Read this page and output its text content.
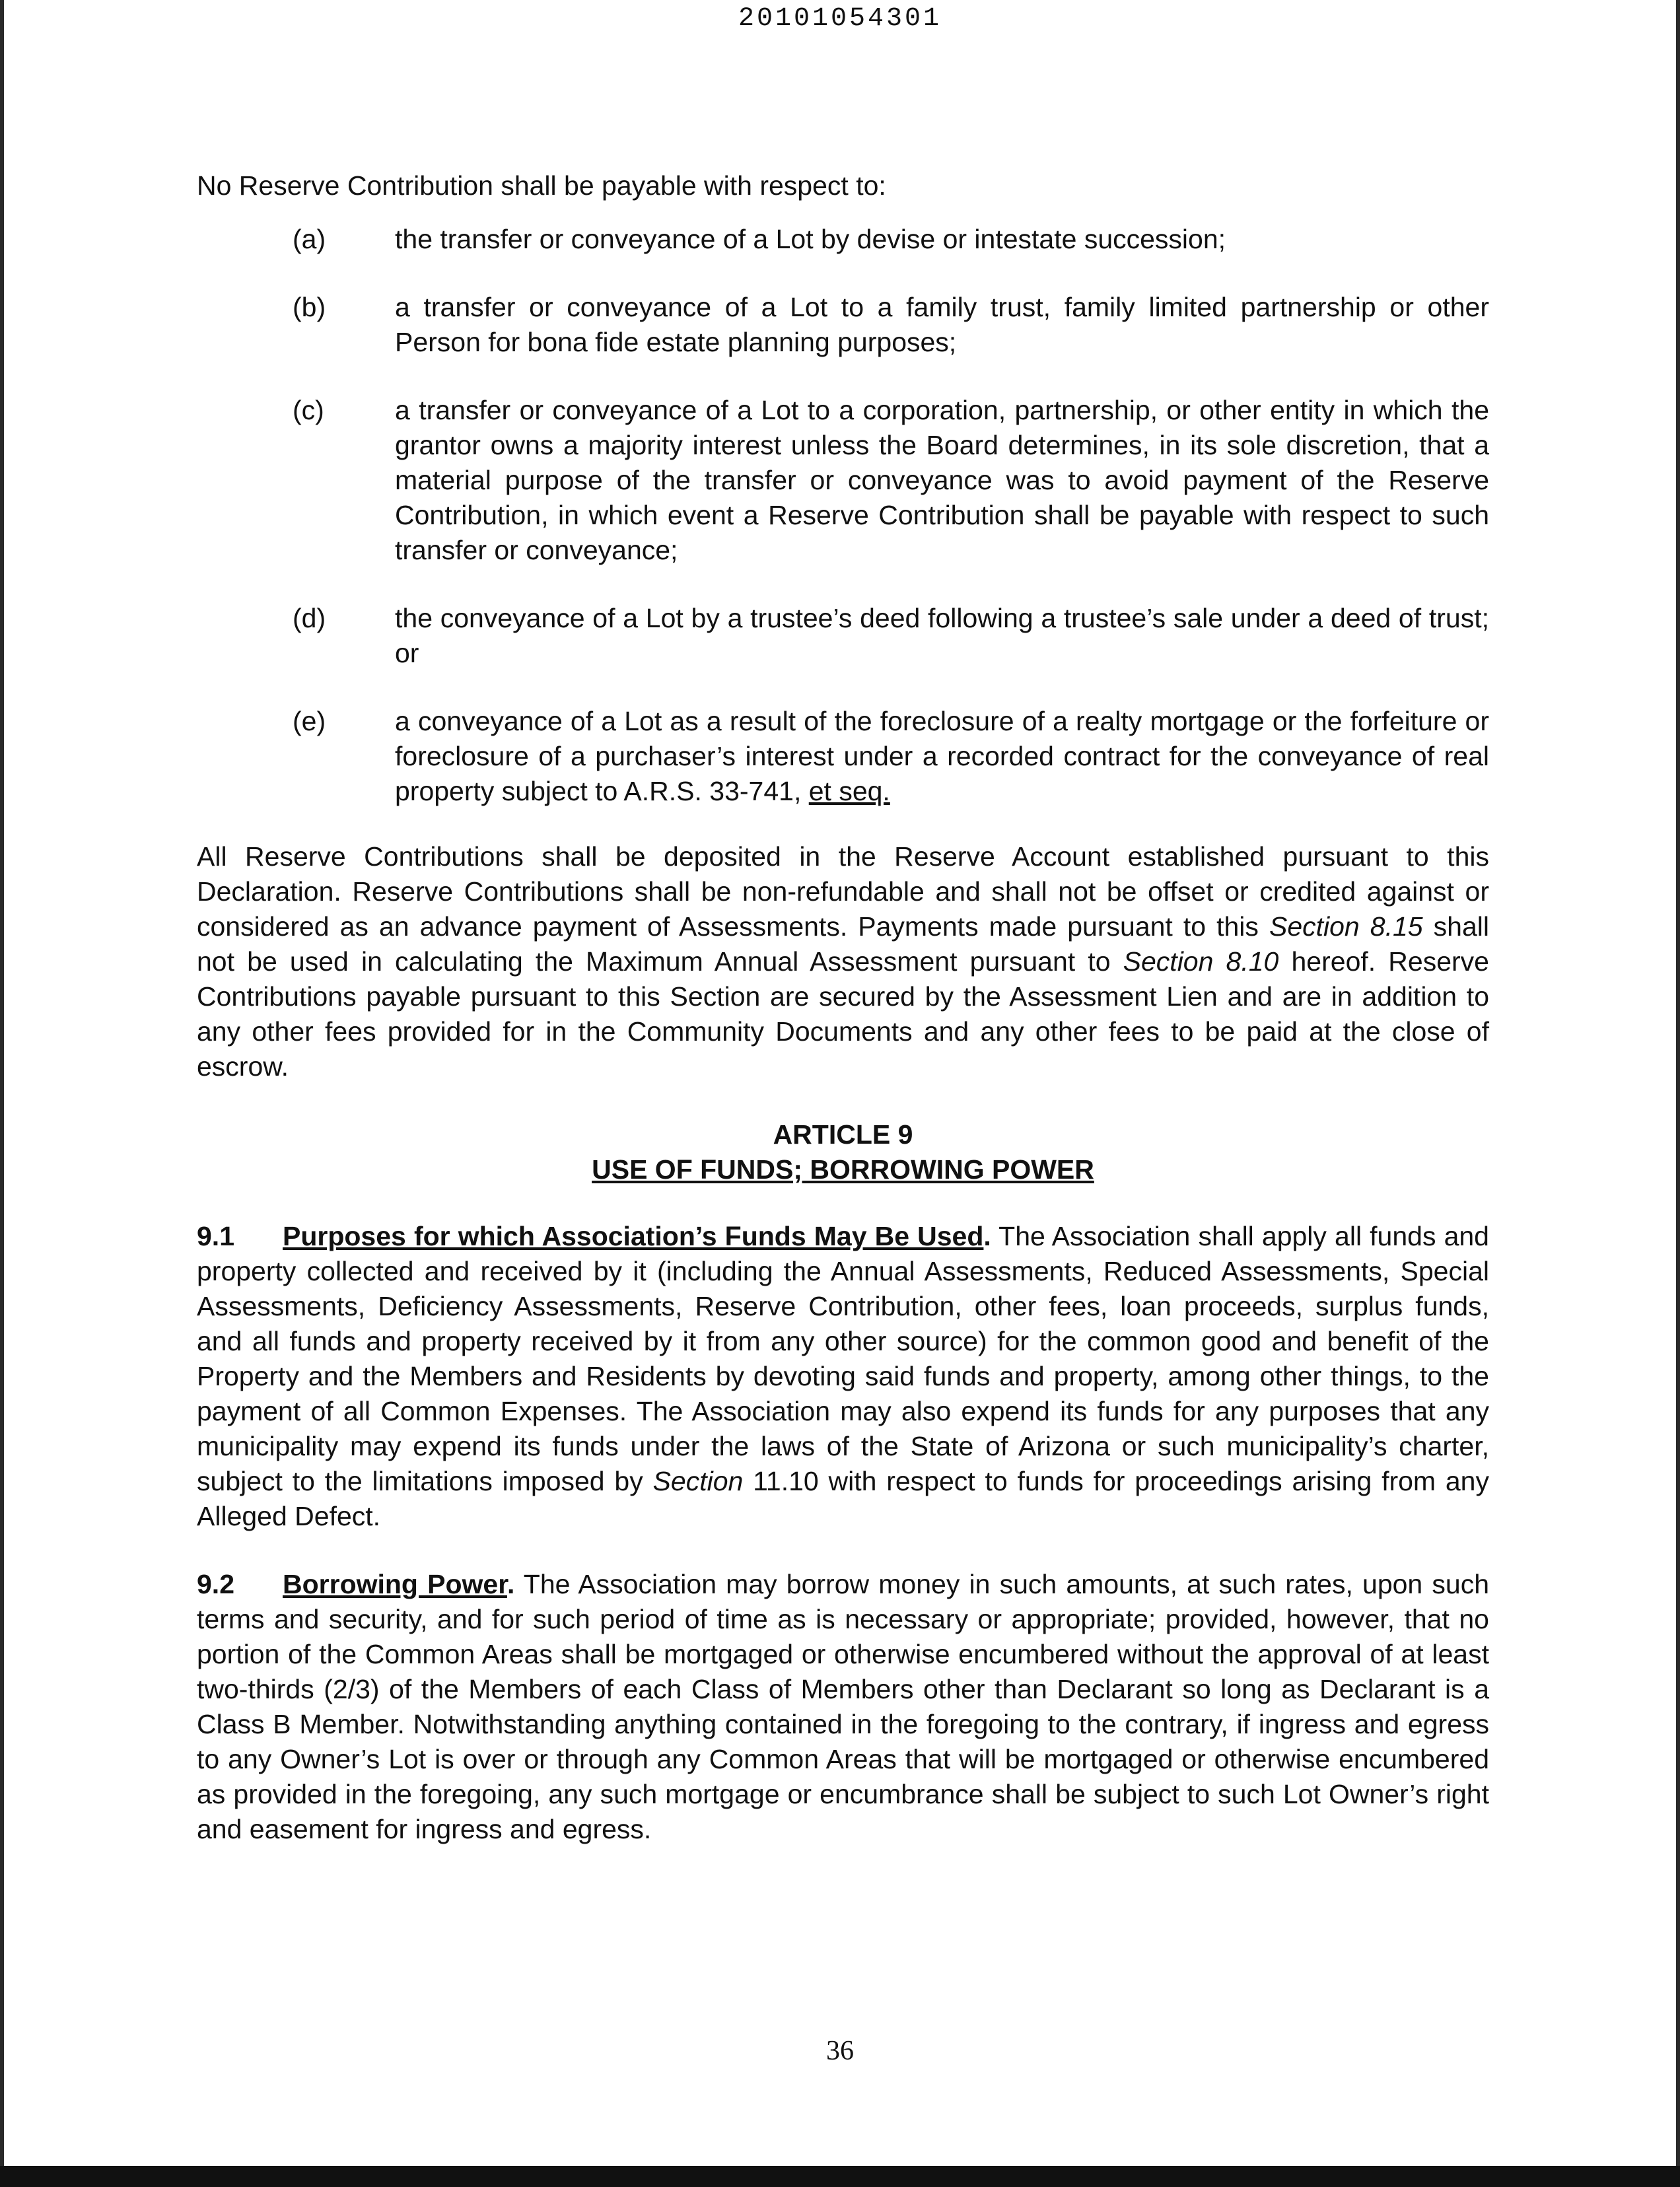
20101054301

No Reserve Contribution shall be payable with respect to:

(a)	the transfer or conveyance of a Lot by devise or intestate succession;

(b)	a transfer or conveyance of a Lot to a family trust, family limited partnership or other Person for bona fide estate planning purposes;

(c)	a transfer or conveyance of a Lot to a corporation, partnership, or other entity in which the grantor owns a majority interest unless the Board determines, in its sole discretion, that a material purpose of the transfer or conveyance was to avoid payment of the Reserve Contribution, in which event a Reserve Contribution shall be payable with respect to such transfer or conveyance;

(d)	the conveyance of a Lot by a trustee’s deed following a trustee’s sale under a deed of trust; or

(e)	a conveyance of a Lot as a result of the foreclosure of a realty mortgage or the forfeiture or foreclosure of a purchaser’s interest under a recorded contract for the conveyance of real property subject to A.R.S. 33-741, et seq.

All Reserve Contributions shall be deposited in the Reserve Account established pursuant to this Declaration. Reserve Contributions shall be non-refundable and shall not be offset or credited against or considered as an advance payment of Assessments. Payments made pursuant to this Section 8.15 shall not be used in calculating the Maximum Annual Assessment pursuant to Section 8.10 hereof. Reserve Contributions payable pursuant to this Section are secured by the Assessment Lien and are in addition to any other fees provided for in the Community Documents and any other fees to be paid at the close of escrow.

ARTICLE 9
USE OF FUNDS; BORROWING POWER

9.1 Purposes for which Association’s Funds May Be Used. The Association shall apply all funds and property collected and received by it (including the Annual Assessments, Reduced Assessments, Special Assessments, Deficiency Assessments, Reserve Contribution, other fees, loan proceeds, surplus funds, and all funds and property received by it from any other source) for the common good and benefit of the Property and the Members and Residents by devoting said funds and property, among other things, to the payment of all Common Expenses. The Association may also expend its funds for any purposes that any municipality may expend its funds under the laws of the State of Arizona or such municipality’s charter, subject to the limitations imposed by Section 11.10 with respect to funds for proceedings arising from any Alleged Defect.

9.2 Borrowing Power. The Association may borrow money in such amounts, at such rates, upon such terms and security, and for such period of time as is necessary or appropriate; provided, however, that no portion of the Common Areas shall be mortgaged or otherwise encumbered without the approval of at least two-thirds (2/3) of the Members of each Class of Members other than Declarant so long as Declarant is a Class B Member. Notwithstanding anything contained in the foregoing to the contrary, if ingress and egress to any Owner’s Lot is over or through any Common Areas that will be mortgaged or otherwise encumbered as provided in the foregoing, any such mortgage or encumbrance shall be subject to such Lot Owner’s right and easement for ingress and egress.

36
